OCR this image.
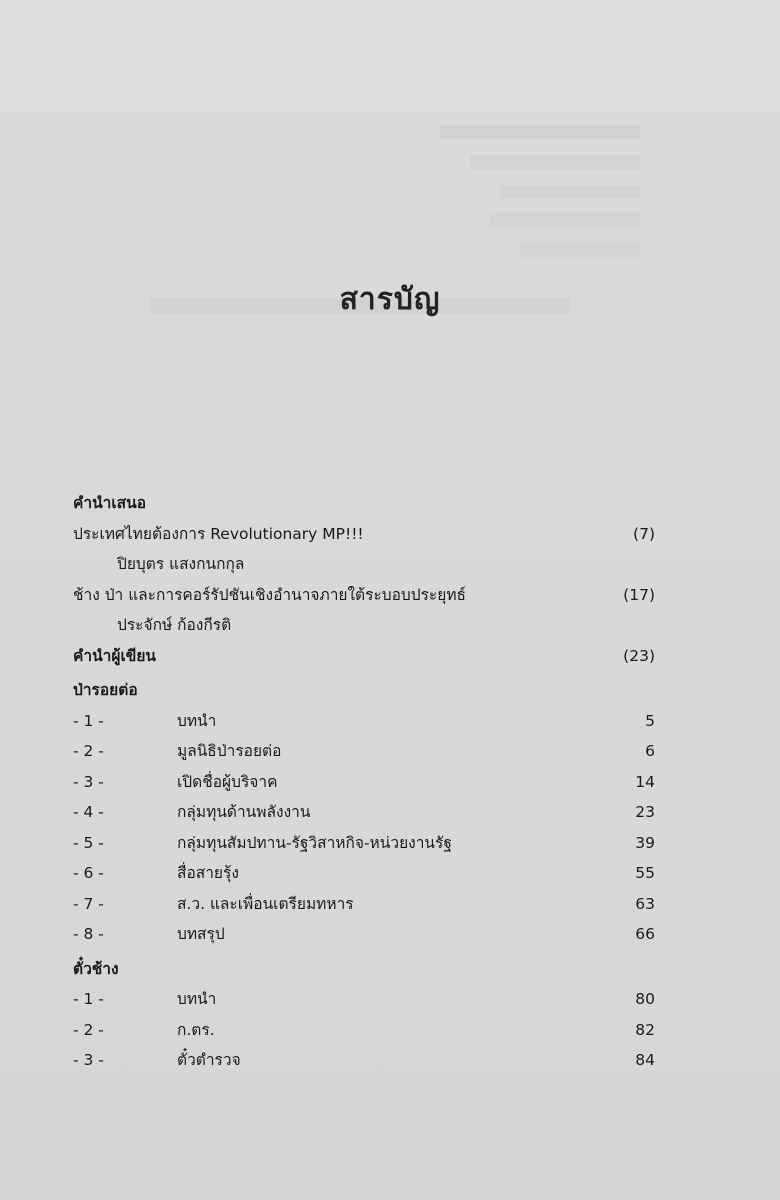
สารบัญ
คำนำเสนอ
ประเทศไทยต้องการ Revolutionary MP!!!	(7)
ปิยบุตร แสงกนกกุล
ช้าง ป่า และการคอร์รัปชันเชิงอำนาจภายใต้ระบอบประยุทธ์	(17)
ประจักษ์ ก้องกีรติ
คำนำผู้เขียน	(23)
ป่ารอยต่อ
- 1 -	บทนำ	5
- 2 -	มูลนิธิป่ารอยต่อ	6
- 3 -	เปิดชื่อผู้บริจาค	14
- 4 -	กลุ่มทุนด้านพลังงาน	23
- 5 -	กลุ่มทุนสัมปทาน-รัฐวิสาหกิจ-หน่วยงานรัฐ	39
- 6 -	สื่อสายรุ้ง	55
- 7 -	ส.ว. และเพื่อนเตรียมทหาร	63
- 8 -	บทสรุป	66
ตั๋วช้าง
- 1 -	บทนำ	80
- 2 -	ก.ตร.	82
- 3 -	ตั๋วตำรวจ	84
